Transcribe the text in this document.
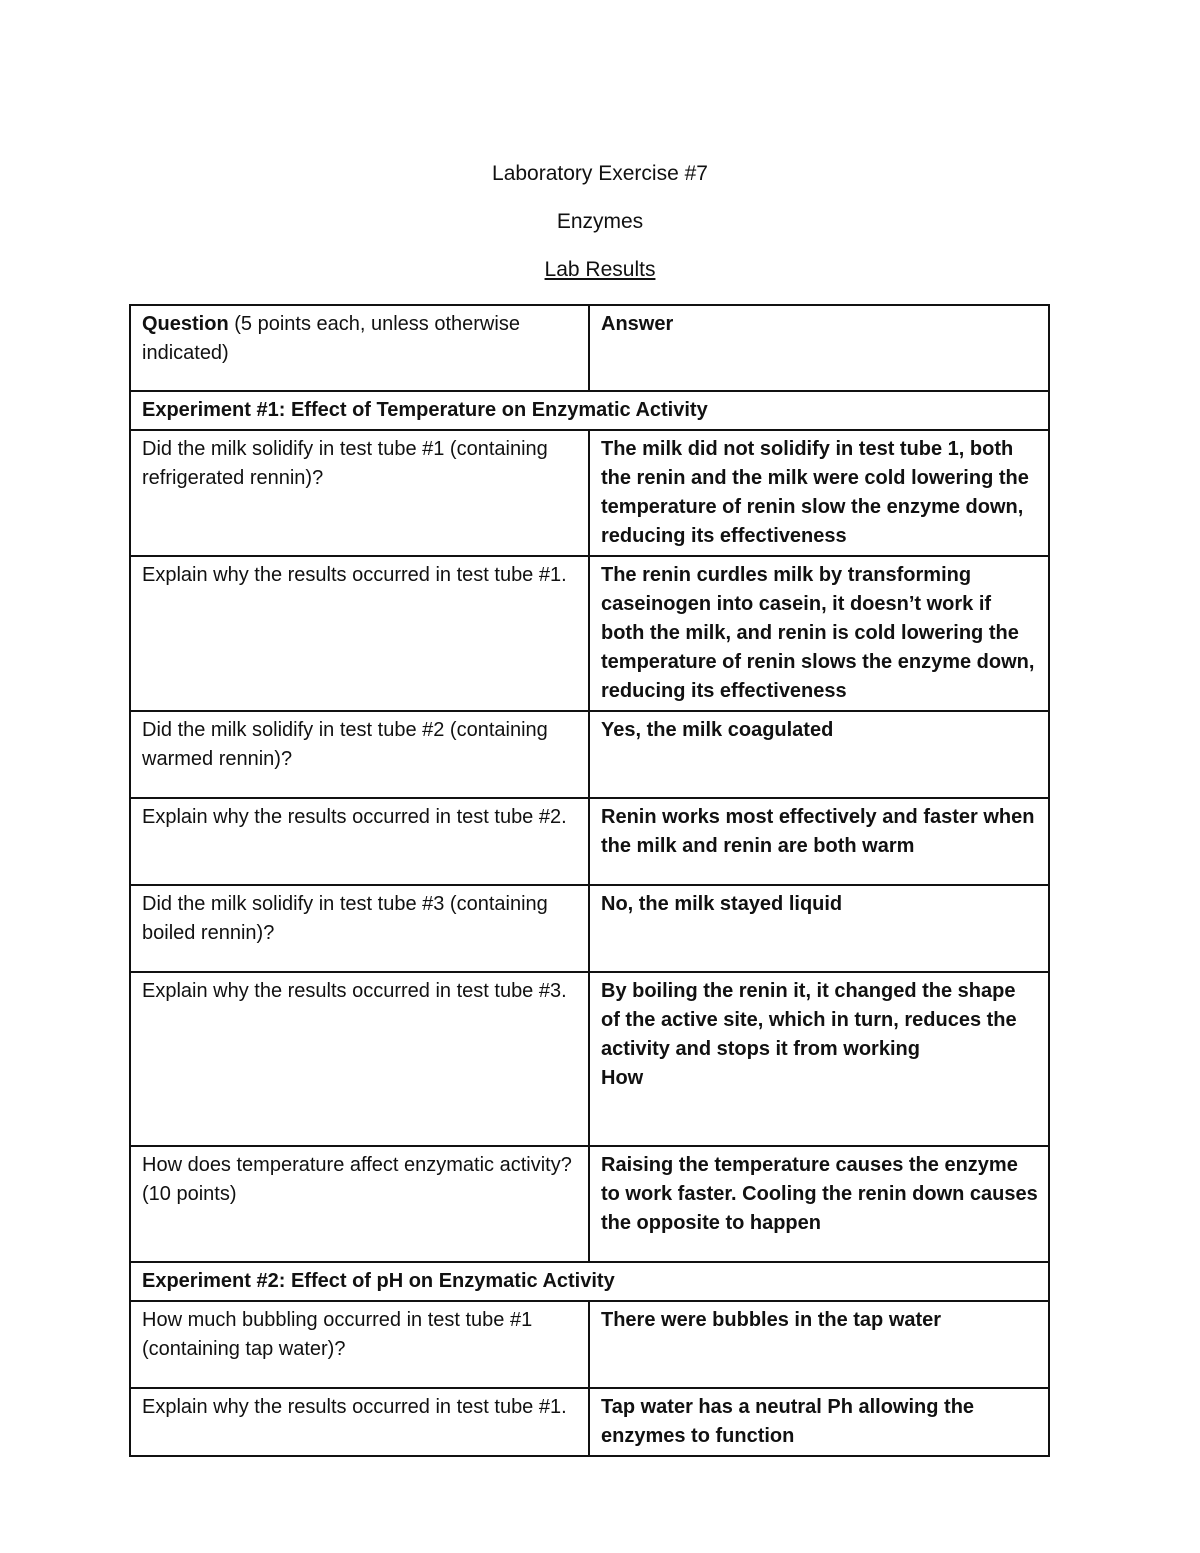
Laboratory Exercise #7

Enzymes

Lab Results

Question (5 points each, unless otherwise indicated)	Answer
Experiment #1: Effect of Temperature on Enzymatic Activity	
Did the milk solidify in test tube #1 (containing refrigerated rennin)?	The milk did not solidify in test tube 1, both the renin and the milk were cold lowering the temperature of renin slow the enzyme down, reducing its effectiveness

Explain why the results occurred in test tube #1.	The renin curdles milk by transforming caseinogen into casein, it doesn’t work if both the milk, and renin is cold lowering the temperature of renin slows the enzyme down, reducing its effectiveness

Did the milk solidify in test tube #2 (containing warmed rennin)?	Yes, the milk coagulated

Explain why the results occurred in test tube #2.	Renin works most effectively and faster when the milk and renin are both warm

Did the milk solidify in test tube #3 (containing boiled rennin)?	No, the milk stayed liquid

Explain why the results occurred in test tube #3.	By boiling the renin it, it changed the shape of the active site, which in turn, reduces the activity and stops it from working
How

How does temperature affect enzymatic activity? (10 points)	Raising the temperature causes the enzyme to work faster. Cooling the renin down causes the opposite to happen

Experiment #2: Effect of pH on Enzymatic Activity	
How much bubbling occurred in test tube #1 (containing tap water)?	There were bubbles in the tap water

Explain why the results occurred in test tube #1.	Tap water has a neutral Ph allowing the enzymes to function
